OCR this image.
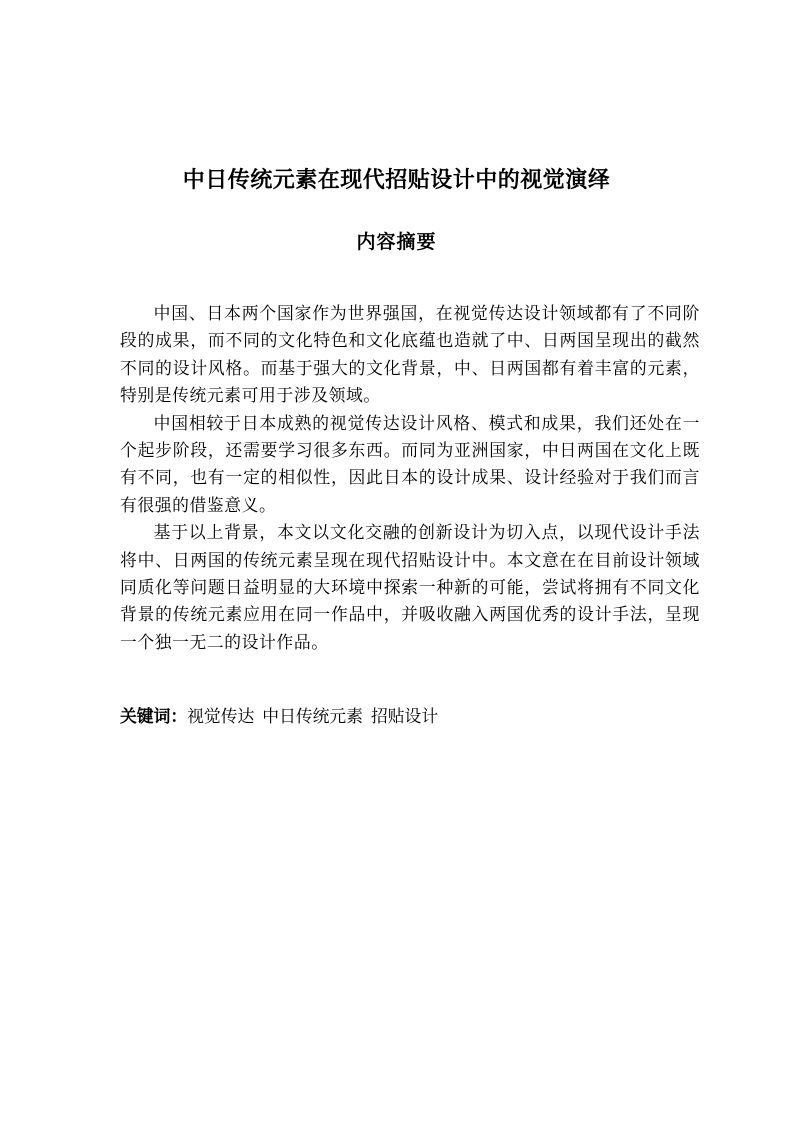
中日传统元素在现代招贴设计中的视觉演绎
内容摘要

中国、日本两个国家作为世界强国，在视觉传达设计领域都有了不同阶段的成果，而不同的文化特色和文化底蕴也造就了中、日两国呈现出的截然不同的设计风格。而基于强大的文化背景，中、日两国都有着丰富的元素，特别是传统元素可用于涉及领域。

中国相较于日本成熟的视觉传达设计风格、模式和成果，我们还处在一个起步阶段，还需要学习很多东西。而同为亚洲国家，中日两国在文化上既有不同，也有一定的相似性，因此日本的设计成果、设计经验对于我们而言有很强的借鉴意义。

基于以上背景，本文以文化交融的创新设计为切入点，以现代设计手法将中、日两国的传统元素呈现在现代招贴设计中。本文意在在目前设计领域同质化等问题日益明显的大环境中探索一种新的可能，尝试将拥有不同文化背景的传统元素应用在同一作品中，并吸收融入两国优秀的设计手法，呈现一个独一无二的设计作品。

关键词：视觉传达 中日传统元素 招贴设计
